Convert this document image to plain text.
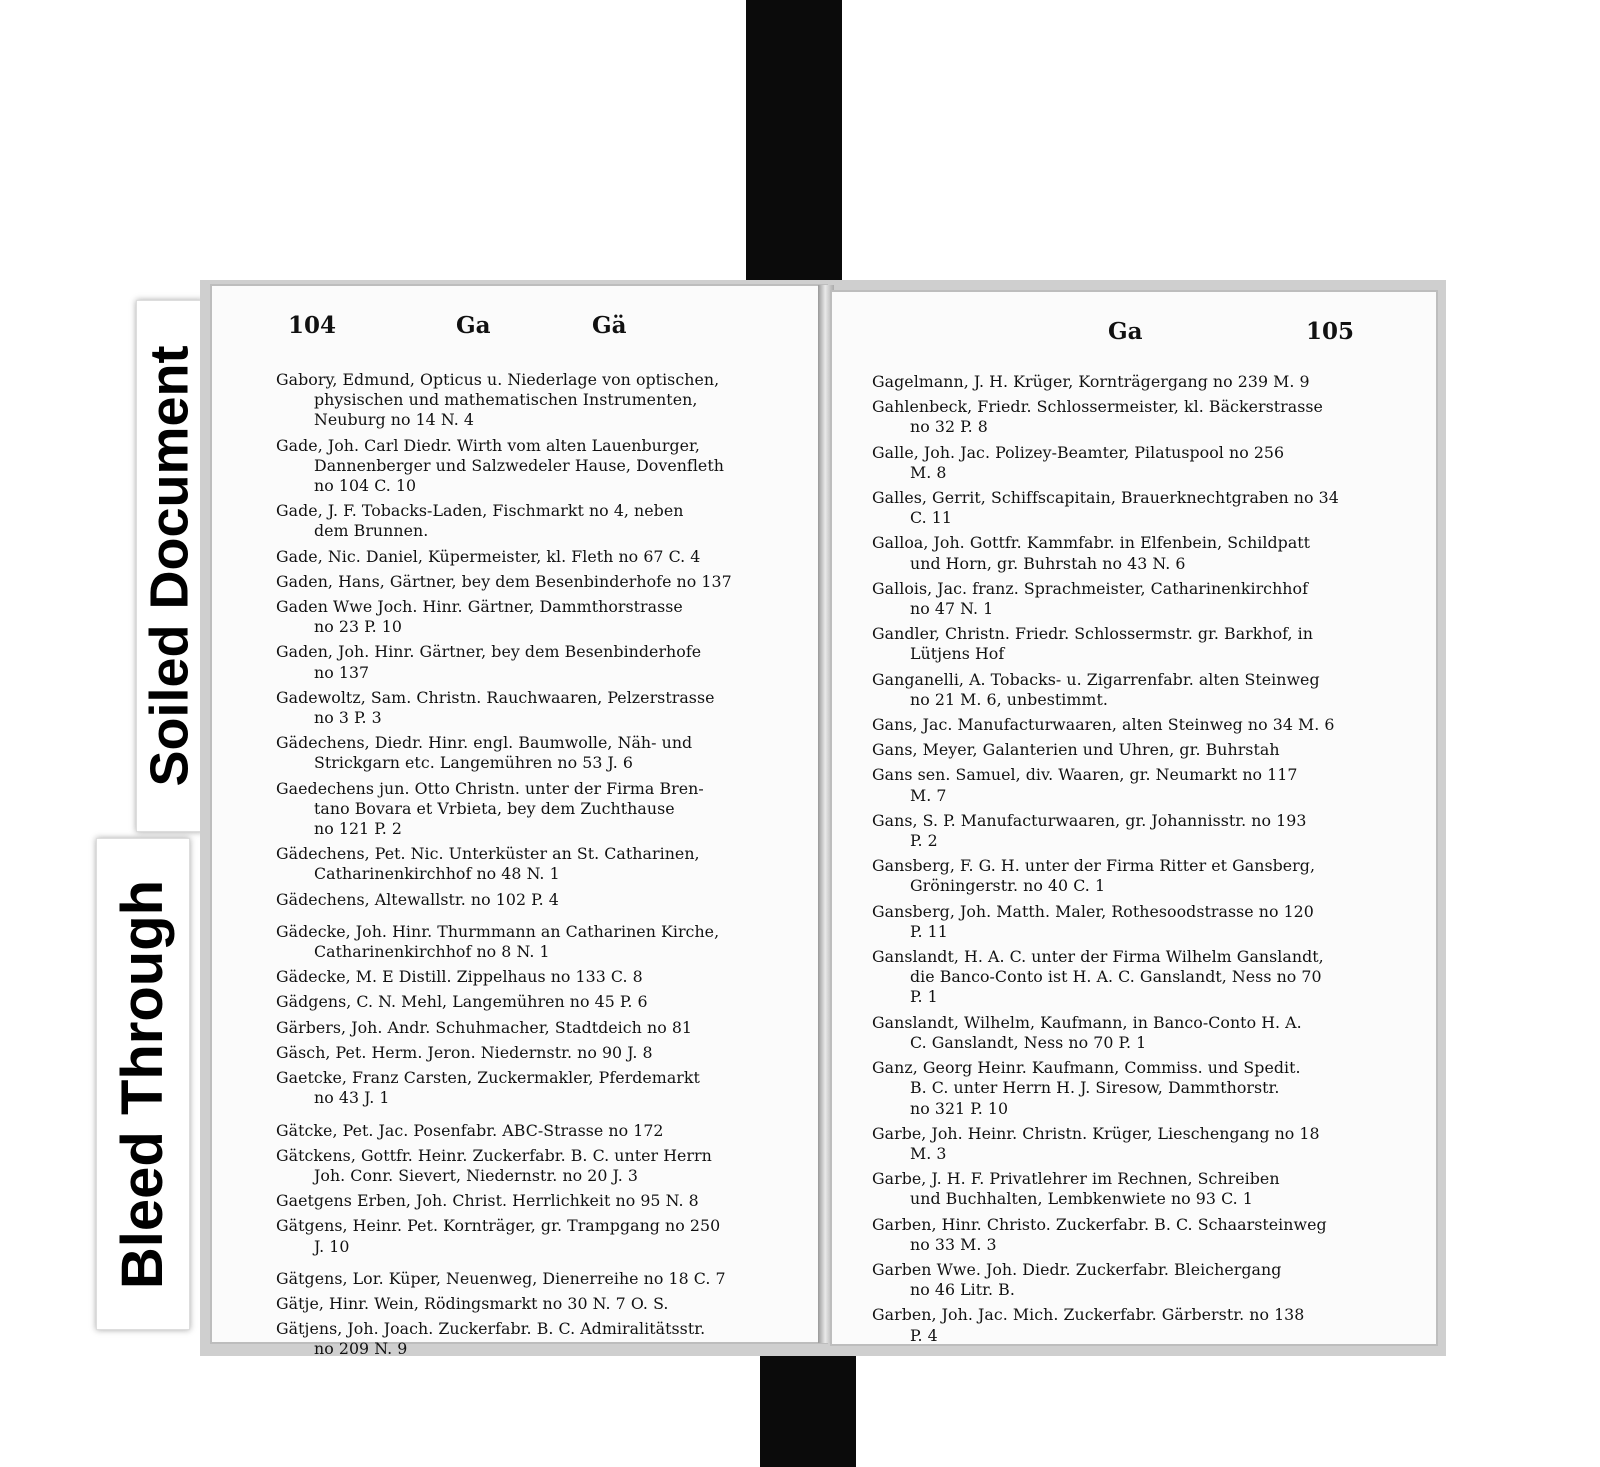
Soiled Document
Bleed Through
104	Ga	Gä
Gabory, Edmund, Opticus u. Niederlage von optischen,
physischen und mathematischen Instrumenten,
Neuburg no 14 N. 4
Gade, Joh. Carl Diedr. Wirth vom alten Lauenburger,
Dannenberger und Salzwedeler Hause, Dovenfleth
no 104 C. 10
Gade, J. F. Tobacks-Laden, Fischmarkt no 4, neben
dem Brunnen.
Gade, Nic. Daniel, Küpermeister, kl. Fleth no 67 C. 4
Gaden, Hans, Gärtner, bey dem Besenbinderhofe no 137
Gaden Wwe Joch. Hinr. Gärtner, Dammthorstrasse
no 23 P. 10
Gaden, Joh. Hinr. Gärtner, bey dem Besenbinderhofe
no 137
Gadewoltz, Sam. Christn. Rauchwaaren, Pelzerstrasse
no 3 P. 3
Gädechens, Diedr. Hinr. engl. Baumwolle, Näh- und
Strickgarn etc. Langemühren no 53 J. 6
Gaedechens jun. Otto Christn. unter der Firma Bren-
tano Bovara et Vrbieta, bey dem Zuchthause
no 121 P. 2
Gädechens, Pet. Nic. Unterküster an St. Catharinen,
Catharinenkirchhof no 48 N. 1
Gädechens, Altewallstr. no 102 P. 4
Gädecke, Joh. Hinr. Thurmmann an Catharinen Kirche,
Catharinenkirchhof no 8 N. 1
Gädecke, M. E Distill. Zippelhaus no 133 C. 8
Gädgens, C. N. Mehl, Langemühren no 45 P. 6
Gärbers, Joh. Andr. Schuhmacher, Stadtdeich no 81
Gäsch, Pet. Herm. Jeron. Niedernstr. no 90 J. 8
Gaetcke, Franz Carsten, Zuckermakler, Pferdemarkt
no 43 J. 1
Gätcke, Pet. Jac. Posenfabr. ABC-Strasse no 172
Gätckens, Gottfr. Heinr. Zuckerfabr. B. C. unter Herrn
Joh. Conr. Sievert, Niedernstr. no 20 J. 3
Gaetgens Erben, Joh. Christ. Herrlichkeit no 95 N. 8
Gätgens, Heinr. Pet. Kornträger, gr. Trampgang no 250
J. 10
Gätgens, Lor. Küper, Neuenweg, Dienerreihe no 18 C. 7
Gätje, Hinr. Wein, Rödingsmarkt no 30 N. 7 O. S.
Gätjens, Joh. Joach. Zuckerfabr. B. C. Admiralitätsstr.
no 209 N. 9
Ga	105
Gagelmann, J. H. Krüger, Kornträgergang no 239 M. 9
Gahlenbeck, Friedr. Schlossermeister, kl. Bäckerstrasse
no 32 P. 8
Galle, Joh. Jac. Polizey-Beamter, Pilatuspool no 256
M. 8
Galles, Gerrit, Schiffscapitain, Brauerknechtgraben no 34
C. 11
Galloa, Joh. Gottfr. Kammfabr. in Elfenbein, Schildpatt
und Horn, gr. Buhrstah no 43 N. 6
Gallois, Jac. franz. Sprachmeister, Catharinenkirchhof
no 47 N. 1
Gandler, Christn. Friedr. Schlossermstr. gr. Barkhof, in
Lütjens Hof
Ganganelli, A. Tobacks- u. Zigarrenfabr. alten Steinweg
no 21 M. 6, unbestimmt.
Gans, Jac. Manufacturwaaren, alten Steinweg no 34 M. 6
Gans, Meyer, Galanterien und Uhren, gr. Buhrstah
Gans sen. Samuel, div. Waaren, gr. Neumarkt no 117
M. 7
Gans, S. P. Manufacturwaaren, gr. Johannisstr. no 193
P. 2
Gansberg, F. G. H. unter der Firma Ritter et Gansberg,
Gröningerstr. no 40 C. 1
Gansberg, Joh. Matth. Maler, Rothesoodstrasse no 120
P. 11
Ganslandt, H. A. C. unter der Firma Wilhelm Ganslandt,
die Banco-Conto ist H. A. C. Ganslandt, Ness no 70
P. 1
Ganslandt, Wilhelm, Kaufmann, in Banco-Conto H. A.
C. Ganslandt, Ness no 70 P. 1
Ganz, Georg Heinr. Kaufmann, Commiss. und Spedit.
B. C. unter Herrn H. J. Siresow, Dammthorstr.
no 321 P. 10
Garbe, Joh. Heinr. Christn. Krüger, Lieschengang no 18
M. 3
Garbe, J. H. F. Privatlehrer im Rechnen, Schreiben
und Buchhalten, Lembkenwiete no 93 C. 1
Garben, Hinr. Christo. Zuckerfabr. B. C. Schaarsteinweg
no 33 M. 3
Garben Wwe. Joh. Diedr. Zuckerfabr. Bleichergang
no 46 Litr. B.
Garben, Joh. Jac. Mich. Zuckerfabr. Gärberstr. no 138
P. 4
